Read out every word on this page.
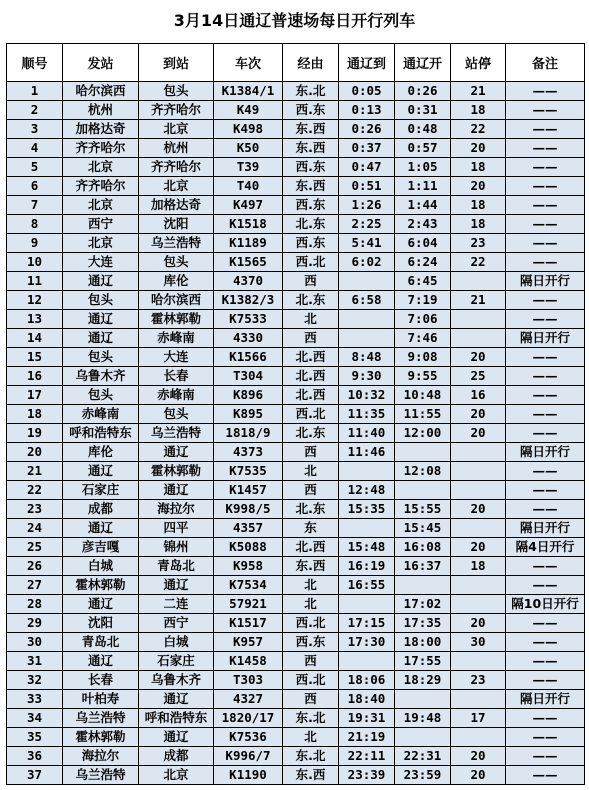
3月14日通辽普速场每日开行列车
顺号	发站	到站	车次	经由	通辽到	通辽开	站停	备注
1	哈尔滨西	包头	K1384/1	东.北	0:05	0:26	21	——
2	杭州	齐齐哈尔	K49	西.东	0:13	0:31	18	——
3	加格达奇	北京	K498	东.西	0:26	0:48	22	——
4	齐齐哈尔	杭州	K50	东.西	0:37	0:57	20	——
5	北京	齐齐哈尔	T39	西.东	0:47	1:05	18	——
6	齐齐哈尔	北京	T40	东.西	0:51	1:11	20	——
7	北京	加格达奇	K497	西.东	1:26	1:44	18	——
8	西宁	沈阳	K1518	北.东	2:25	2:43	18	——
9	北京	乌兰浩特	K1189	西.东	5:41	6:04	23	——
10	大连	包头	K1565	西.北	6:02	6:24	22	——
11	通辽	库伦	4370	西		6:45		隔日开行
12	包头	哈尔滨西	K1382/3	北.东	6:58	7:19	21	——
13	通辽	霍林郭勒	K7533	北		7:06		——
14	通辽	赤峰南	4330	西		7:46		隔日开行
15	包头	大连	K1566	北.西	8:48	9:08	20	——
16	乌鲁木齐	长春	T304	北.西	9:30	9:55	25	——
17	包头	赤峰南	K896	北.西	10:32	10:48	16	——
18	赤峰南	包头	K895	西.北	11:35	11:55	20	——
19	呼和浩特东	乌兰浩特	1818/9	北.东	11:40	12:00	20	——
20	库伦	通辽	4373	西	11:46			隔日开行
21	通辽	霍林郭勒	K7535	北		12:08		——
22	石家庄	通辽	K1457	西	12:48			——
23	成都	海拉尔	K998/5	北.东	15:35	15:55	20	——
24	通辽	四平	4357	东		15:45		隔日开行
25	彦吉嘎	锦州	K5088	北.西	15:48	16:08	20	隔4日开行
26	白城	青岛北	K958	东.西	16:19	16:37	18	——
27	霍林郭勒	通辽	K7534	北	16:55			——
28	通辽	二连	57921	北		17:02		隔10日开行
29	沈阳	西宁	K1517	西.北	17:15	17:35	20	——
30	青岛北	白城	K957	西.东	17:30	18:00	30	——
31	通辽	石家庄	K1458	西		17:55		——
32	长春	乌鲁木齐	T303	西.北	18:06	18:29	23	——
33	叶柏寿	通辽	4327	西	18:40			隔日开行
34	乌兰浩特	呼和浩特东	1820/17	东.北	19:31	19:48	17	——
35	霍林郭勒	通辽	K7536	北	21:19			——
36	海拉尔	成都	K996/7	东.北	22:11	22:31	20	——
37	乌兰浩特	北京	K1190	东.西	23:39	23:59	20	——
